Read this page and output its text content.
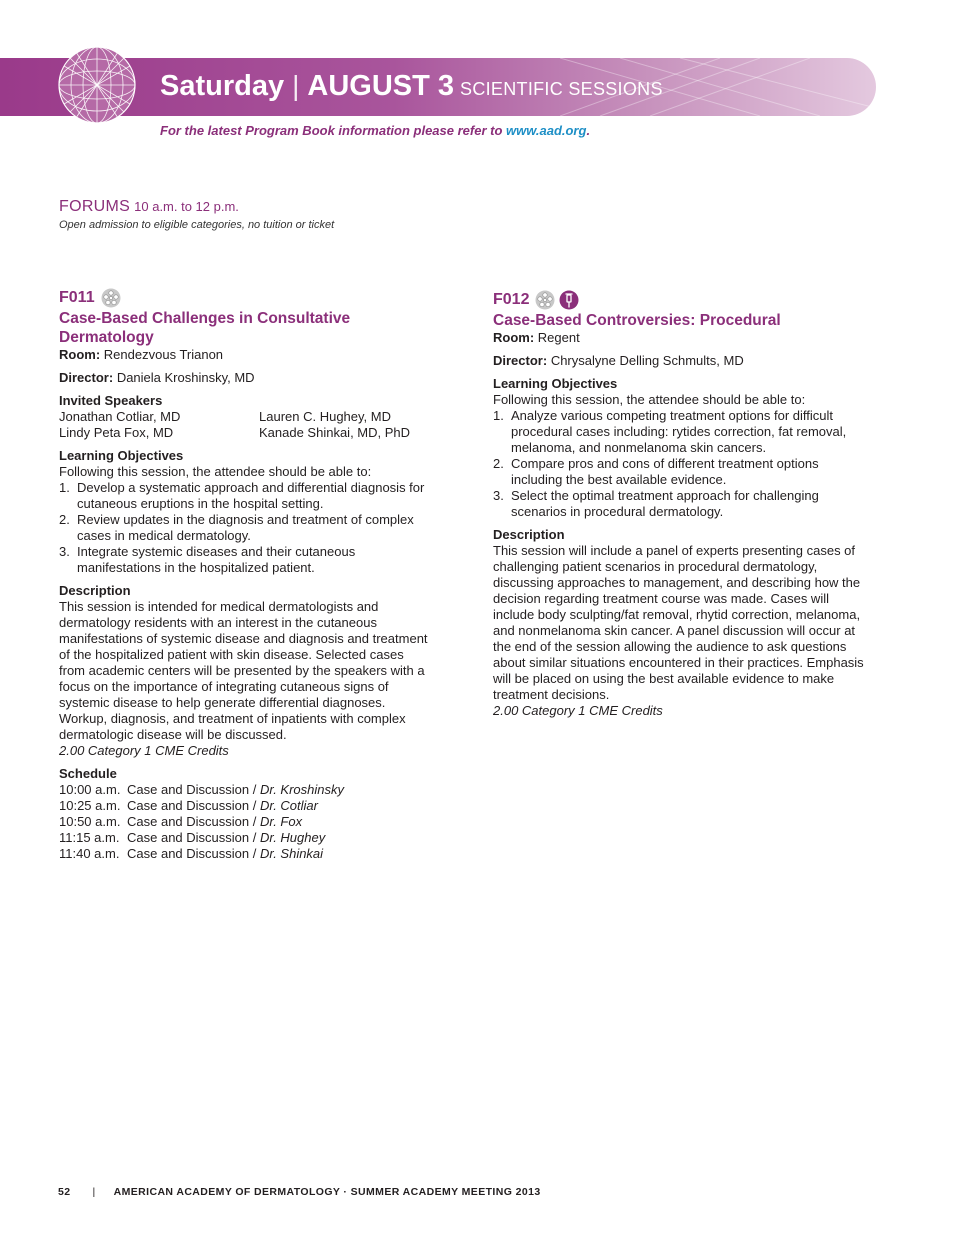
Saturday | AUGUST 3 SCIENTIFIC SESSIONS
For the latest Program Book information please refer to www.aad.org.
FORUMS 10 a.m. to 12 p.m.
Open admission to eligible categories, no tuition or ticket
F011
Case-Based Challenges in Consultative Dermatology

Room: Rendezvous Trianon

Director: Daniela Kroshinsky, MD

Invited Speakers

Jonathan Cotliar, MD	Lauren C. Hughey, MD
Lindy Peta Fox, MD	Kanade Shinkai, MD, PhD

Learning Objectives

Following this session, the attendee should be able to:

1. Develop a systematic approach and differential diagnosis for cutaneous eruptions in the hospital setting.
2. Review updates in the diagnosis and treatment of complex cases in medical dermatology.
3. Integrate systemic diseases and their cutaneous manifestations in the hospitalized patient.

Description

This session is intended for medical dermatologists and dermatology residents with an interest in the cutaneous manifestations of systemic disease and diagnosis and treatment of the hospitalized patient with skin disease. Selected cases from academic centers will be presented by the speakers with a focus on the importance of integrating cutaneous signs of systemic disease to help generate differential diagnoses. Workup, diagnosis, and treatment of inpatients with complex dermatologic disease will be discussed.

2.00 Category 1 CME Credits

Schedule

10:00 a.m. Case and Discussion / Dr. Kroshinsky
10:25 a.m. Case and Discussion / Dr. Cotliar
10:50 a.m. Case and Discussion / Dr. Fox
11:15 a.m. Case and Discussion / Dr. Hughey
11:40 a.m. Case and Discussion / Dr. Shinkai
F012
Case-Based Controversies: Procedural

Room: Regent

Director: Chrysalyne Delling Schmults, MD

Learning Objectives

Following this session, the attendee should be able to:

1. Analyze various competing treatment options for difficult procedural cases including: rytides correction, fat removal, melanoma, and nonmelanoma skin cancers.
2. Compare pros and cons of different treatment options including the best available evidence.
3. Select the optimal treatment approach for challenging scenarios in procedural dermatology.

Description

This session will include a panel of experts presenting cases of challenging patient scenarios in procedural dermatology, discussing approaches to management, and describing how the decision regarding treatment course was made. Cases will include body sculpting/fat removal, rhytid correction, melanoma, and nonmelanoma skin cancer. A panel discussion will occur at the end of the session allowing the audience to ask questions about similar situations encountered in their practices. Emphasis will be placed on using the best available evidence to make treatment decisions.

2.00 Category 1 CME Credits

52 | AMERICAN ACADEMY OF DERMATOLOGY · SUMMER ACADEMY MEETING 2013
